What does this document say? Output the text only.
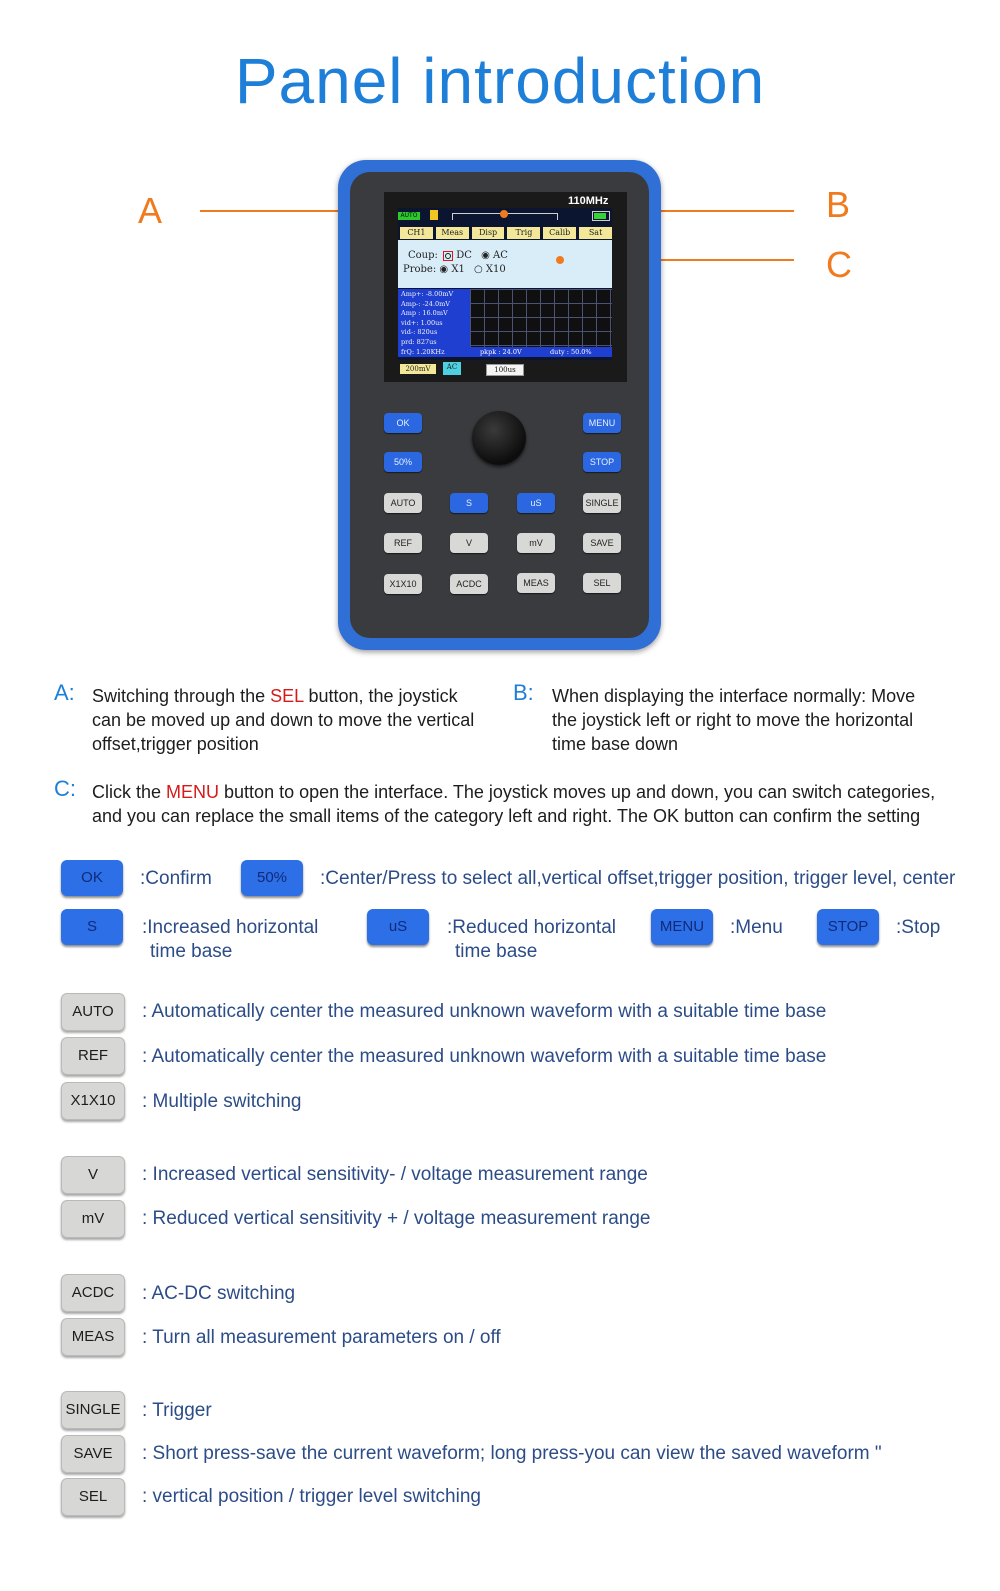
Panel introduction
A	B
C
110MHz
AUTO
CH1	Meas	Disp	Trig	Calib	Sat
Coup: DC ◉ AC
Probe: ◉ X1 ○ X10
Amp+: -8.00mV
Amp-: -24.0mV
Amp : 16.0mV
vid+: 1.00us
vid-: 820us
prd: 827us
frQ: 1.20KHz	pkpk : 24.0V	duty : 50.0%
200mV	AC	100us
OK	MENU
50%	STOP
AUTO	S	uS	SINGLE
REF	V	mV	SAVE
X1X10	ACDC	MEAS	SEL
A: Switching through the SEL button, the joystick
can be moved up and down to move the vertical
offset,trigger position
B: When displaying the interface normally: Move
the joystick left or right to move the horizontal
time base down
C: Click the MENU button to open the interface. The joystick moves up and down, you can switch categories,
and you can replace the small items of the category left and right. The OK button can confirm the setting
OK	:Confirm	50%	:Center/Press to select all,vertical offset,trigger position, trigger level, center
S	:Increased horizontal
time base
uS	:Reduced horizontal
time base
MENU	:Menu	STOP	:Stop
AUTO	: Automatically center the measured unknown waveform with a suitable time base
REF	: Automatically center the measured unknown waveform with a suitable time base
X1X10	: Multiple switching
V	: Increased vertical sensitivity- / voltage measurement range
mV	: Reduced vertical sensitivity + / voltage measurement range
ACDC	: AC-DC switching
MEAS	: Turn all measurement parameters on / off
SINGLE : Trigger
SAVE	: Short press-save the current waveform; long press-you can view the saved waveform "
SEL	: vertical position / trigger level switching
